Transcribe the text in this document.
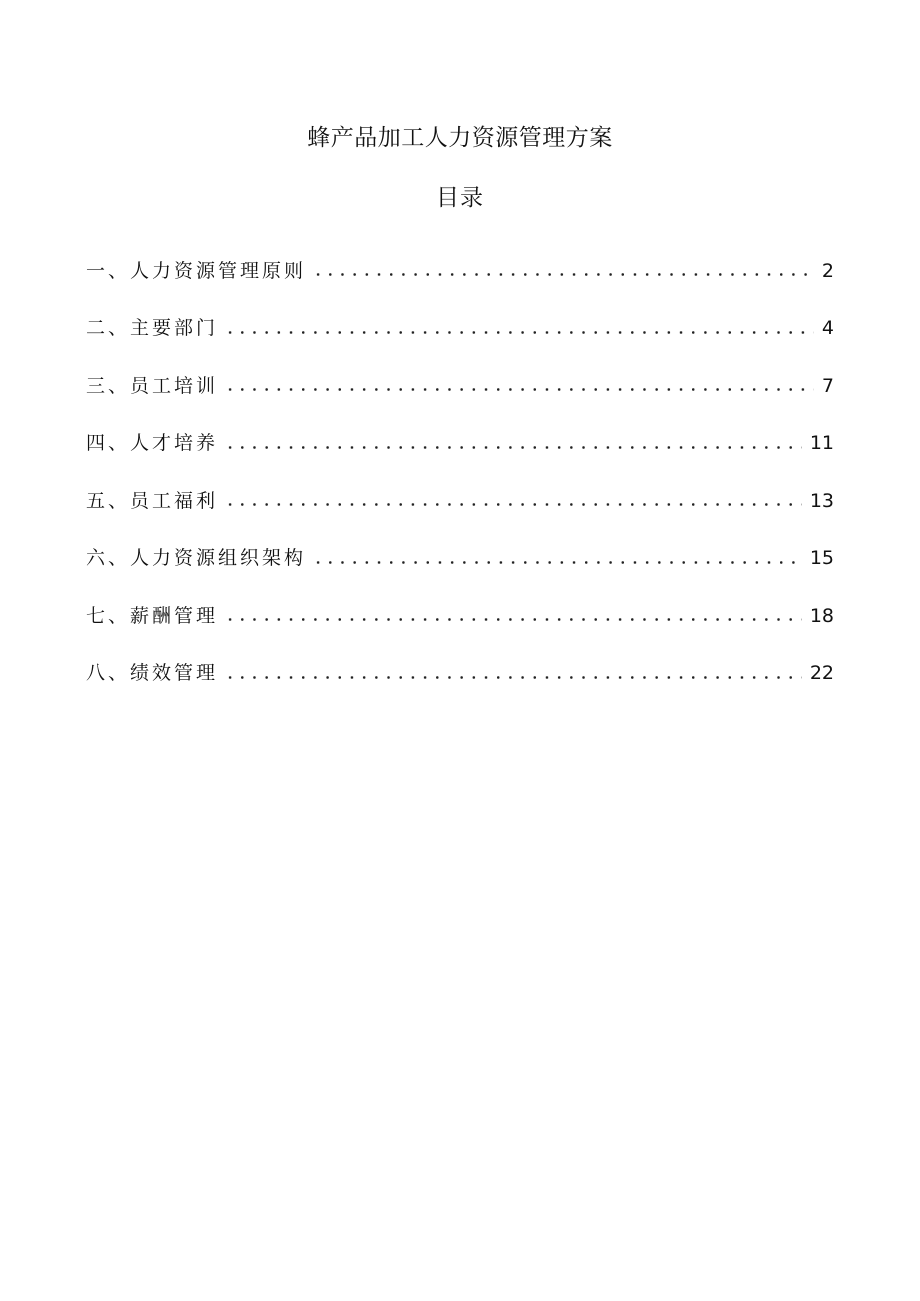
蜂产品加工人力资源管理方案
目录
一、人力资源管理原则	2
二、主要部门	4
三、员工培训	7
四、人才培养	11
五、员工福利	13
六、人力资源组织架构	15
七、薪酬管理	18
八、绩效管理	22
